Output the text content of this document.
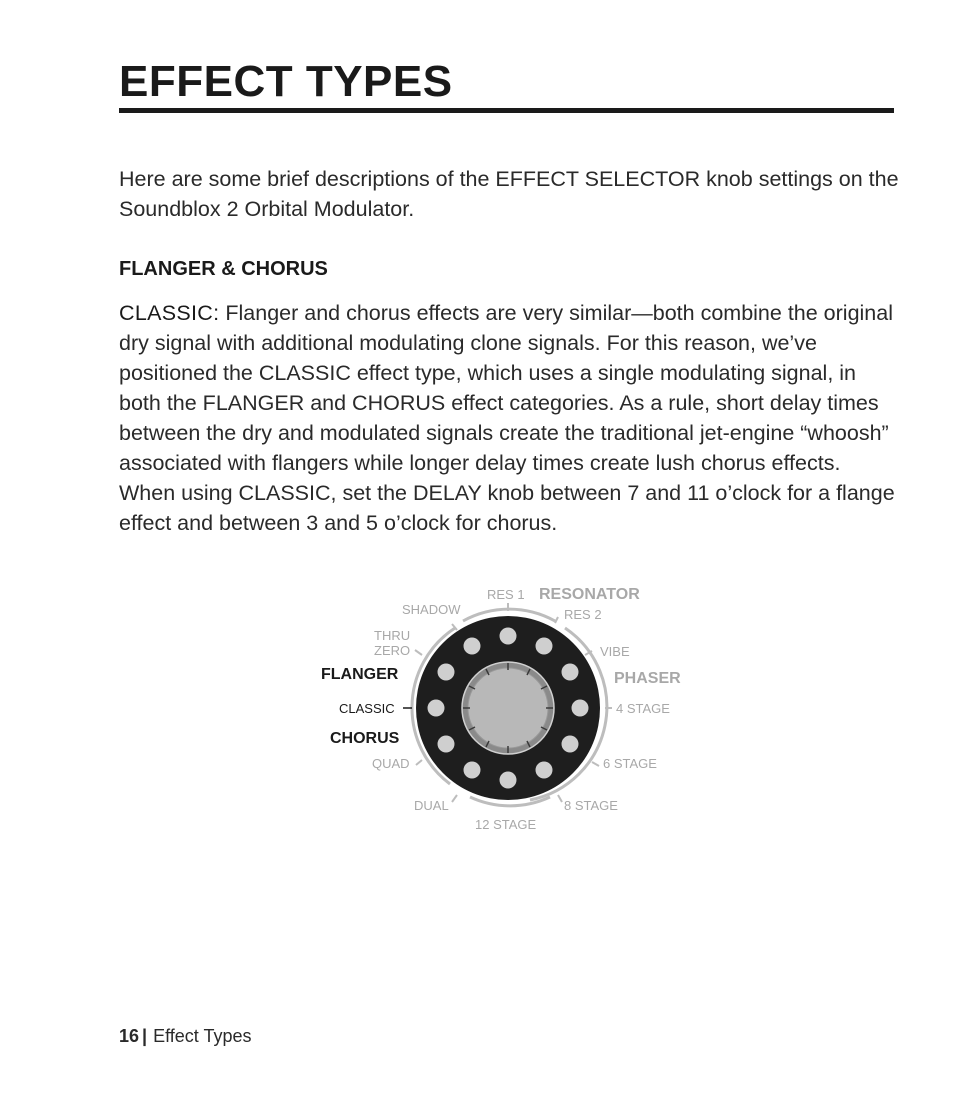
EFFECT TYPES

Here are some brief descriptions of the EFFECT SELECTOR knob settings on the Soundblox 2 Orbital Modulator.

FLANGER & CHORUS

CLASSIC: Flanger and chorus effects are very similar—both combine the original dry signal with additional modulating clone signals. For this reason, we’ve positioned the CLASSIC effect type, which uses a single modulating signal, in both the FLANGER and CHORUS effect categories. As a rule, short delay times between the dry and modulated signals create the traditional jet-engine “whoosh” associated with flangers while longer delay times create lush chorus effects. When using CLASSIC, set the DELAY knob between 7 and 11 o’clock for a flange effect and between 3 and 5 o’clock for chorus.

RES 1
RES 2
SHADOW
THRU
ZERO	VIBE
4 STAGE
6 STAGE
8 STAGE
12 STAGE
DUAL
QUAD
RESONATOR
PHASER
FLANGER
CHORUS
CLASSIC
16 | Effect Types
